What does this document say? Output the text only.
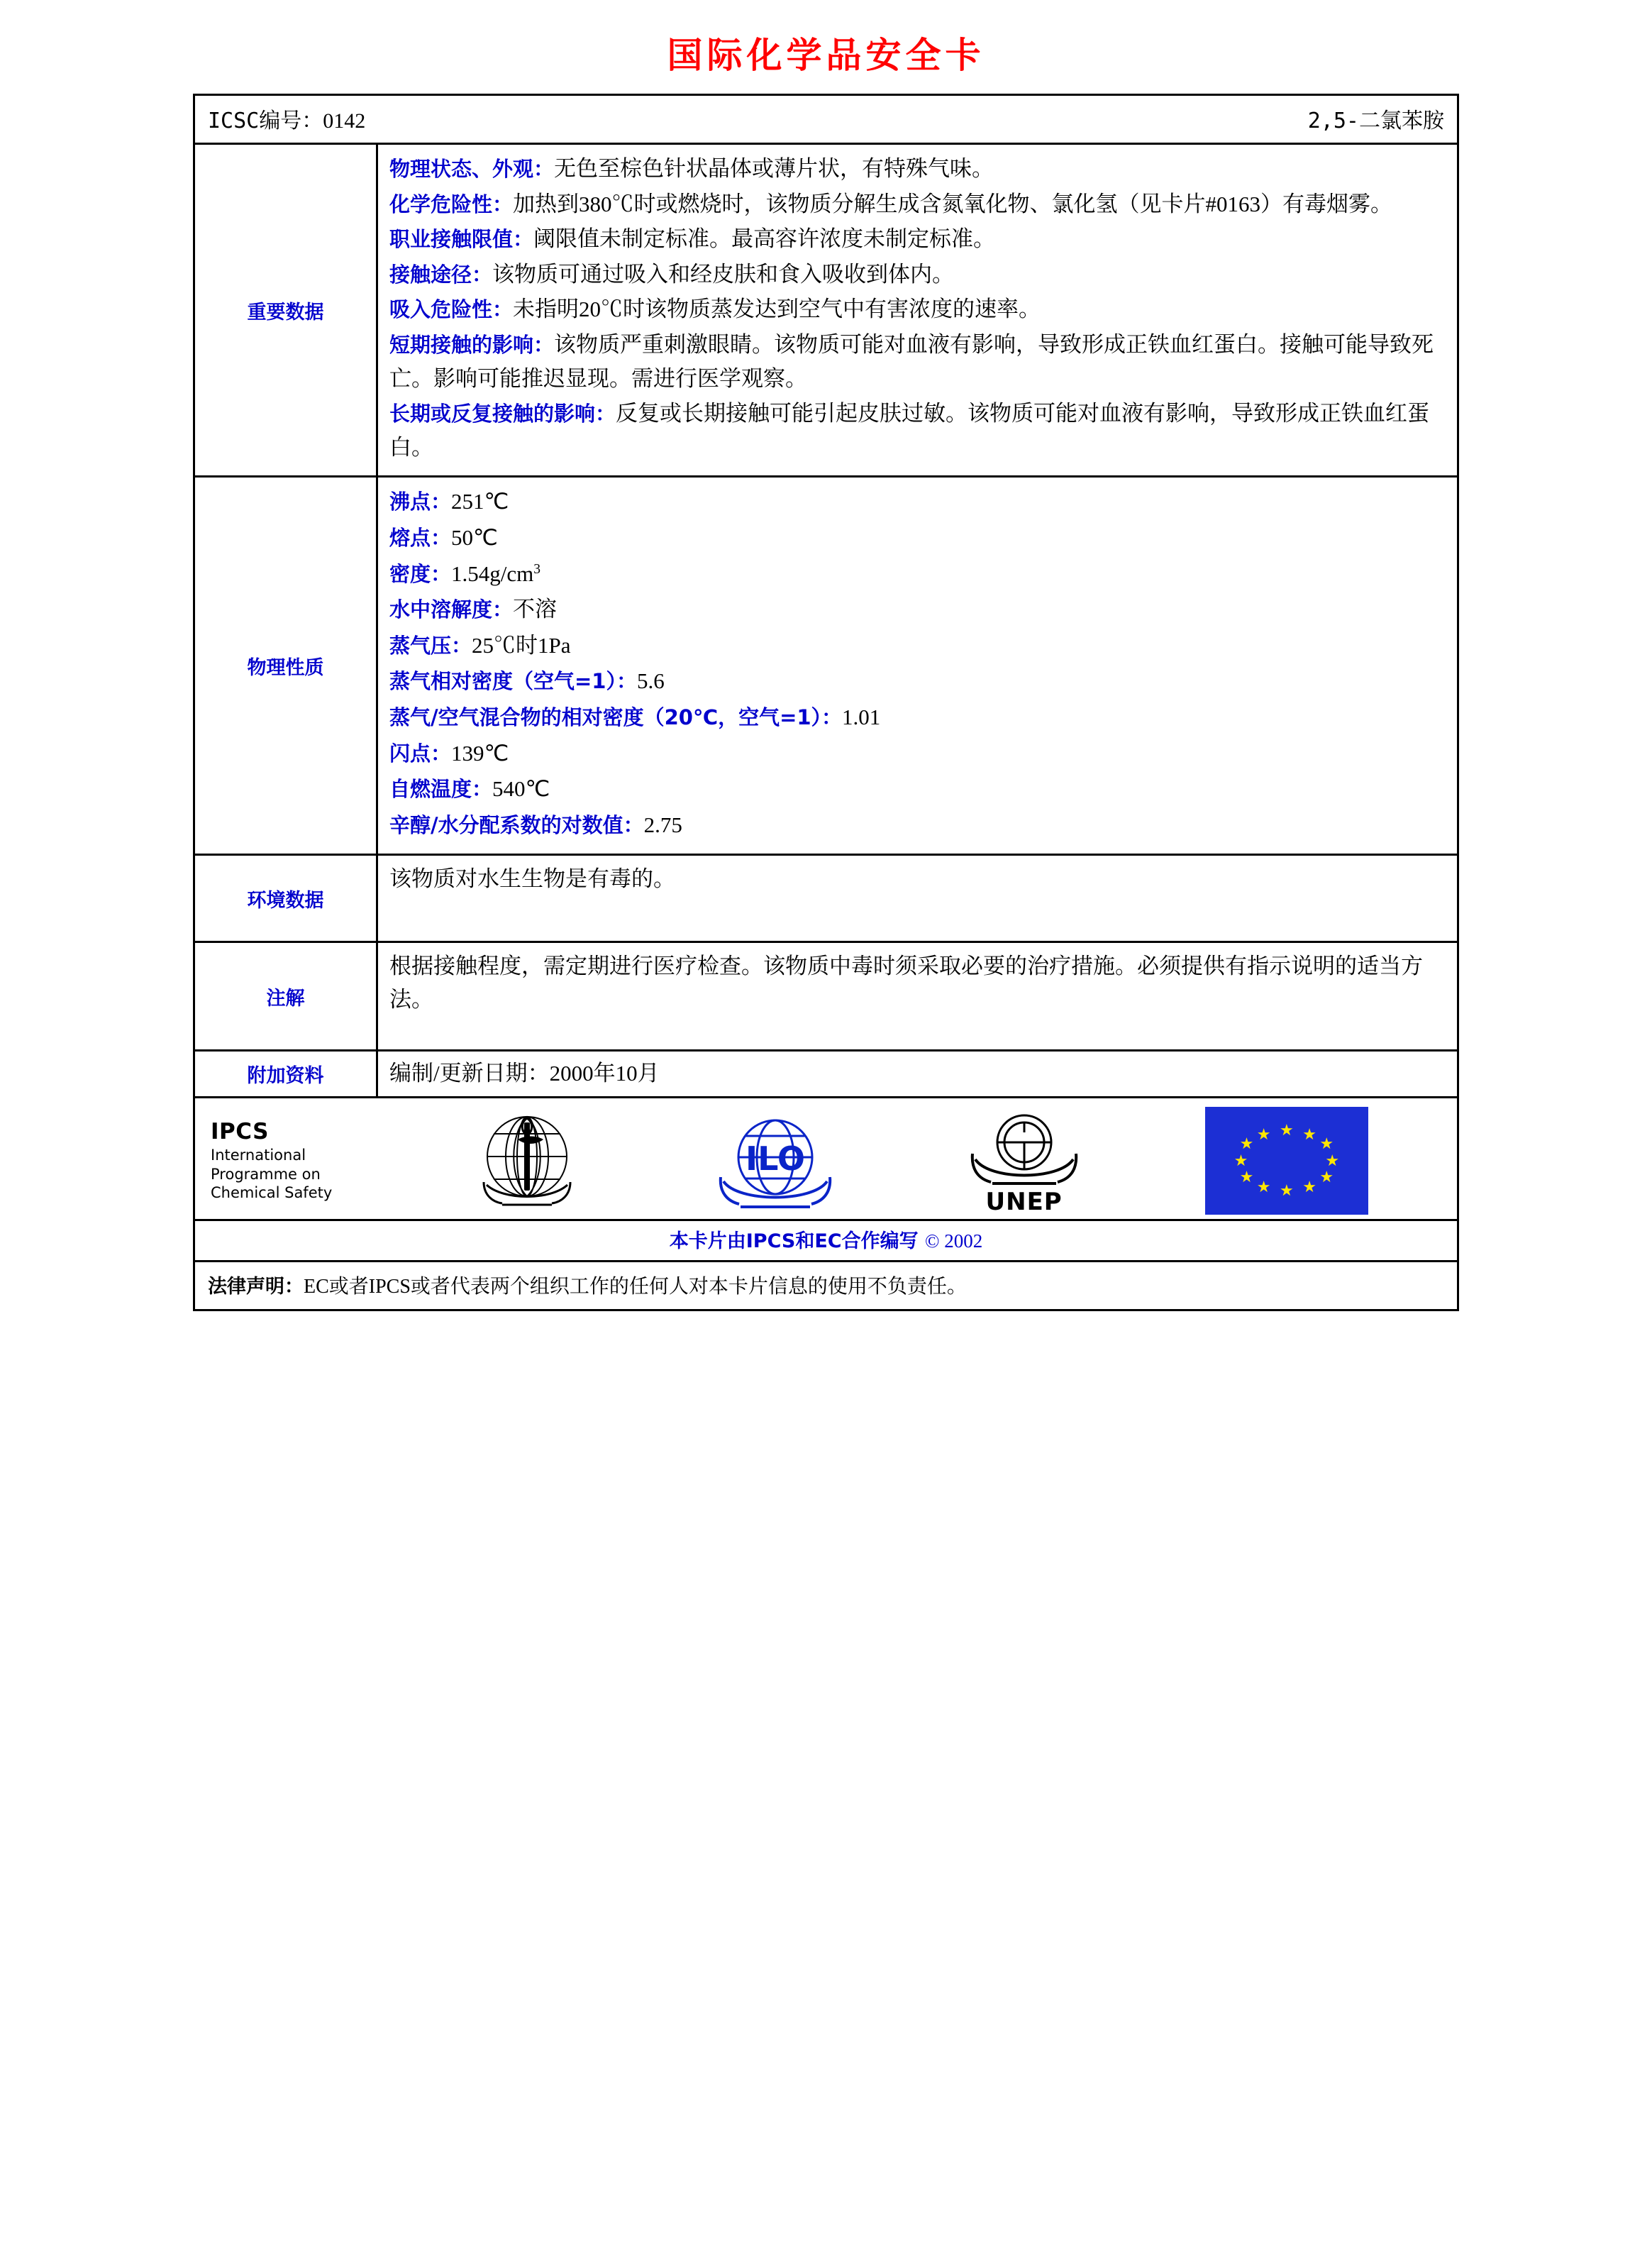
国际化学品安全卡
ICSC编号：0142	2,5-二氯苯胺
重要数据

物理状态、外观：无色至棕色针状晶体或薄片状，有特殊气味。

化学危险性：加热到380℃时或燃烧时，该物质分解生成含氮氧化物、氯化氢（见卡片#0163）有毒烟雾。

职业接触限值：阈限值未制定标准。最高容许浓度未制定标准。

接触途径：该物质可通过吸入和经皮肤和食入吸收到体内。

吸入危险性：未指明20℃时该物质蒸发达到空气中有害浓度的速率。

短期接触的影响：该物质严重刺激眼睛。该物质可能对血液有影响，导致形成正铁血红蛋白。接触可能导致死亡。影响可能推迟显现。需进行医学观察。

长期或反复接触的影响：反复或长期接触可能引起皮肤过敏。该物质可能对血液有影响，导致形成正铁血红蛋白。

物理性质

沸点：251℃

熔点：50℃

密度：$1.54g/cm^3$

水中溶解度：不溶

蒸气压：25℃时1Pa

蒸气相对密度（空气=1）：5.6

蒸气/空气混合物的相对密度（20℃，空气=1）：1.01

闪点：139℃

自燃温度：540℃

辛醇/水分配系数的对数值：2.75

环境数据
该物质对水生生物是有毒的。
注解
根据接触程度，需定期进行医疗检查。该物质中毒时须采取必要的治疗措施。必须提供有指示说明的适当方法。
附加资料	编制/更新日期：2000年10月
IPCS
International
Programme on
Chemical Safety
ILO
UNEP
★ ★
★
★
★
★
★
★
★
★
★
★
本卡片由IPCS和EC合作编写 © 2002
法律声明：EC或者IPCS或者代表两个组织工作的任何人对本卡片信息的使用不负责任。
